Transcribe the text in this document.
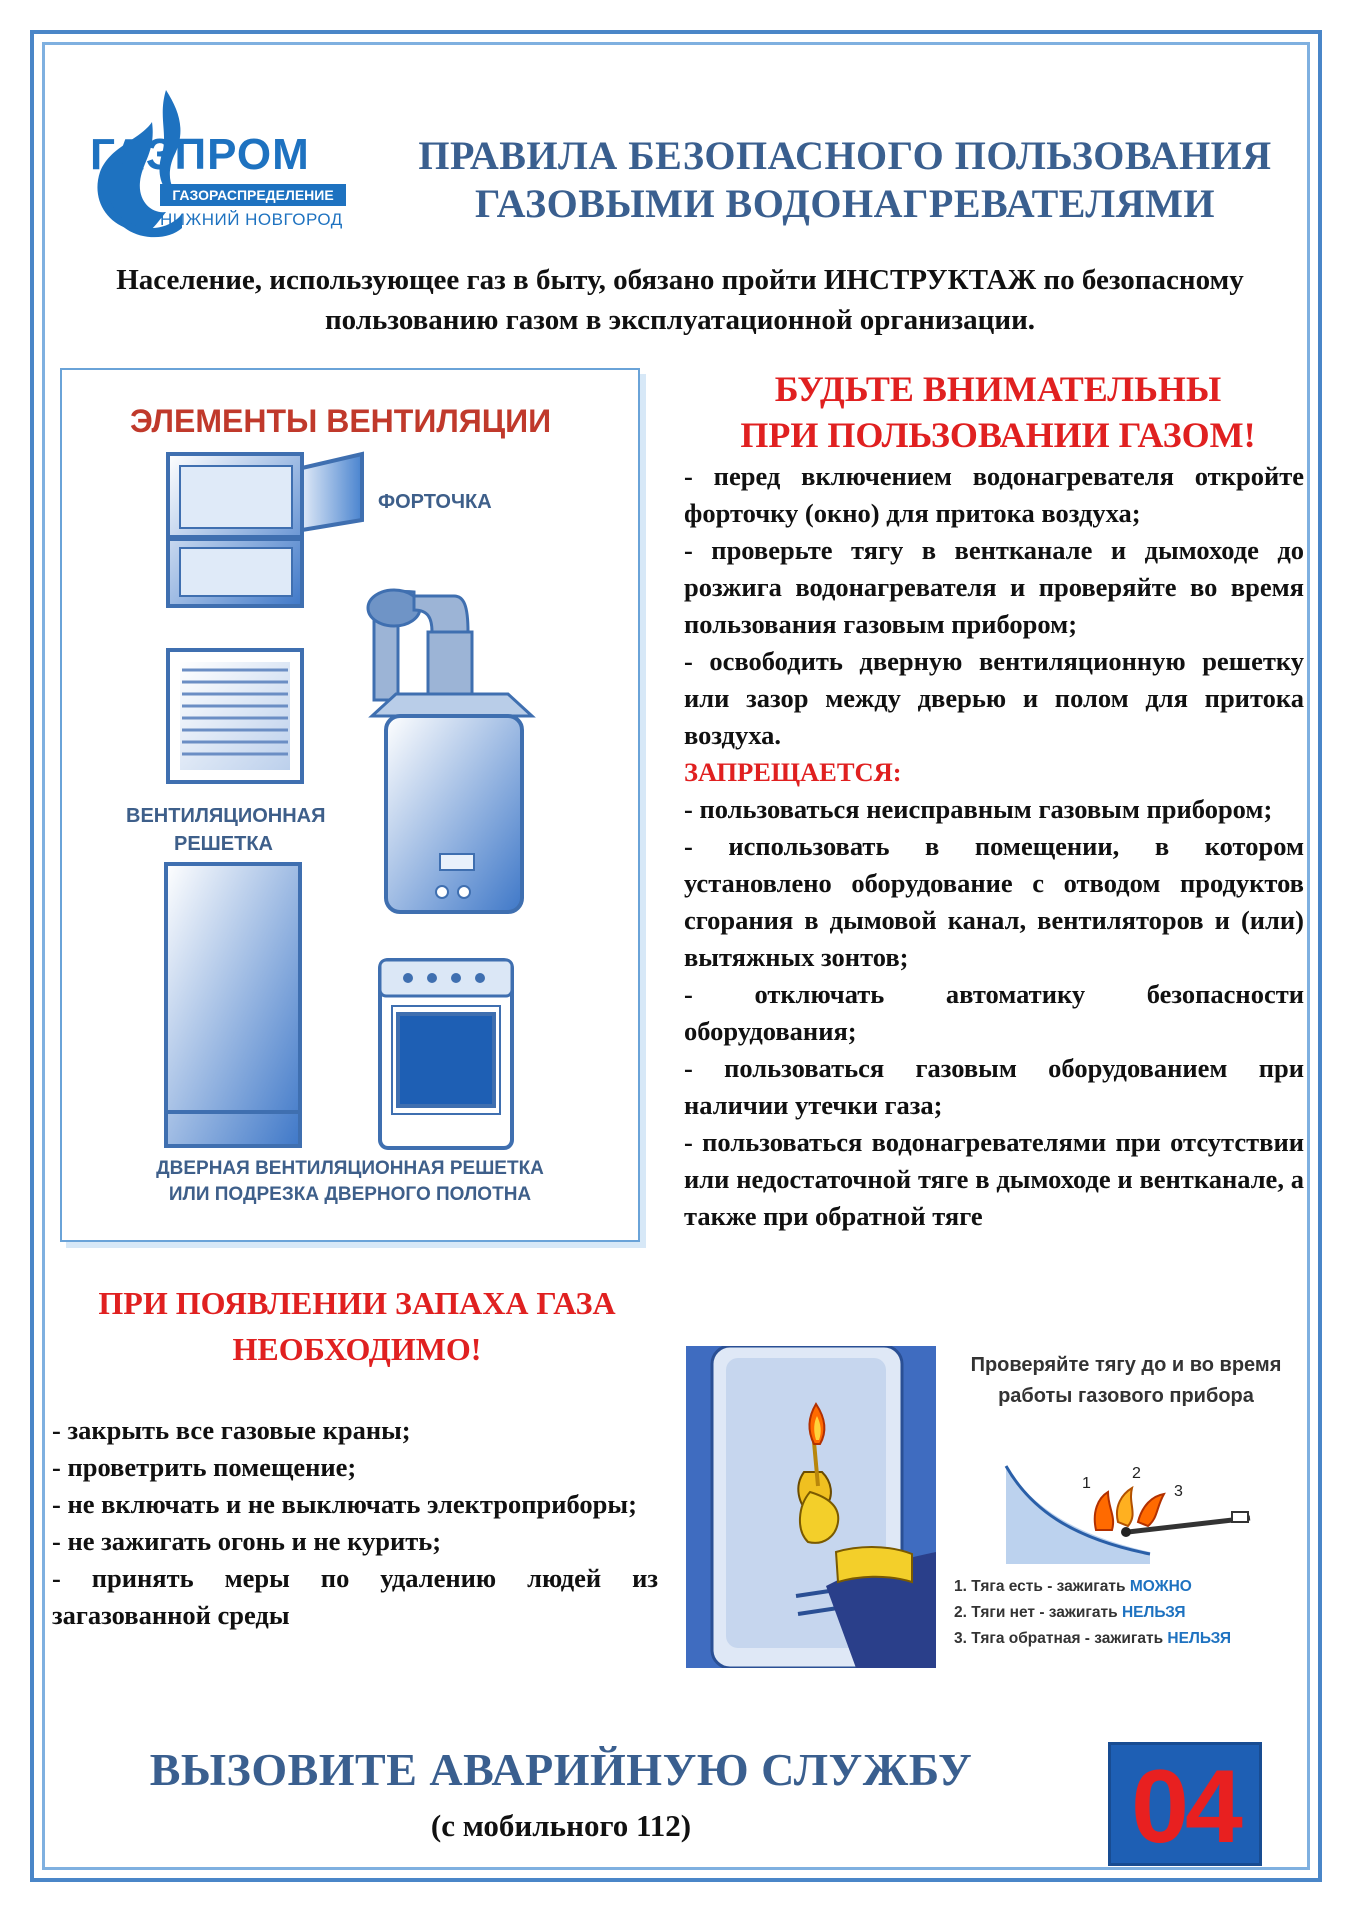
ГАЗПРОМ
ГАЗОРАСПРЕДЕЛЕНИЕ
НИЖНИЙ НОВГОРОД
ПРАВИЛА БЕЗОПАСНОГО ПОЛЬЗОВАНИЯ
ГАЗОВЫМИ ВОДОНАГРЕВАТЕЛЯМИ
Население, использующее газ в быту, обязано пройти ИНСТРУКТАЖ по безопасному пользованию газом в эксплуатационной организации.
ЭЛЕМЕНТЫ ВЕНТИЛЯЦИИ
ФОРТОЧКА
ВЕНТИЛЯЦИОННАЯ
РЕШЕТКА
ДВЕРНАЯ ВЕНТИЛЯЦИОННАЯ РЕШЕТКА
ИЛИ ПОДРЕЗКА ДВЕРНОГО ПОЛОТНА
БУДЬТЕ ВНИМАТЕЛЬНЫ
ПРИ ПОЛЬЗОВАНИИ ГАЗОМ!

- перед включением водонагревателя откройте форточку (окно) для притока воздуха;

- проверьте тягу в вентканале и дымоходе до розжига водонагревателя и проверяйте во время пользования газовым прибором;

- освободить дверную вентиляционную решетку или зазор между дверью и полом для притока воздуха.

ЗАПРЕЩАЕТСЯ:

- пользоваться неисправным газовым прибором;

- использовать в помещении, в котором установлено оборудование с отводом продуктов сгорания в дымовой канал, вентиляторов и (или) вытяжных зонтов;

- отключать автоматику безопасности оборудования;

- пользоваться газовым оборудованием при наличии утечки газа;

- пользоваться водонагревателями при отсутствии или недостаточной тяге в дымоходе и вентканале, а также при обратной тяге

ПРИ ПОЯВЛЕНИИ ЗАПАХА ГАЗА
НЕОБХОДИМО!
- закрыть все газовые краны;
- проветрить помещение;
- не включать и не выключать электроприборы;
- не зажигать огонь и не курить;
- принять меры по удалению людей из загазованной среды
Проверяйте тягу до и во время работы газового прибора
1
2
3
1. Тяга есть - зажигать МОЖНО
2. Тяги нет - зажигать НЕЛЬЗЯ
3. Тяга обратная - зажигать НЕЛЬЗЯ
ВЫЗОВИТЕ АВАРИЙНУЮ СЛУЖБУ
(с мобильного 112)	04
